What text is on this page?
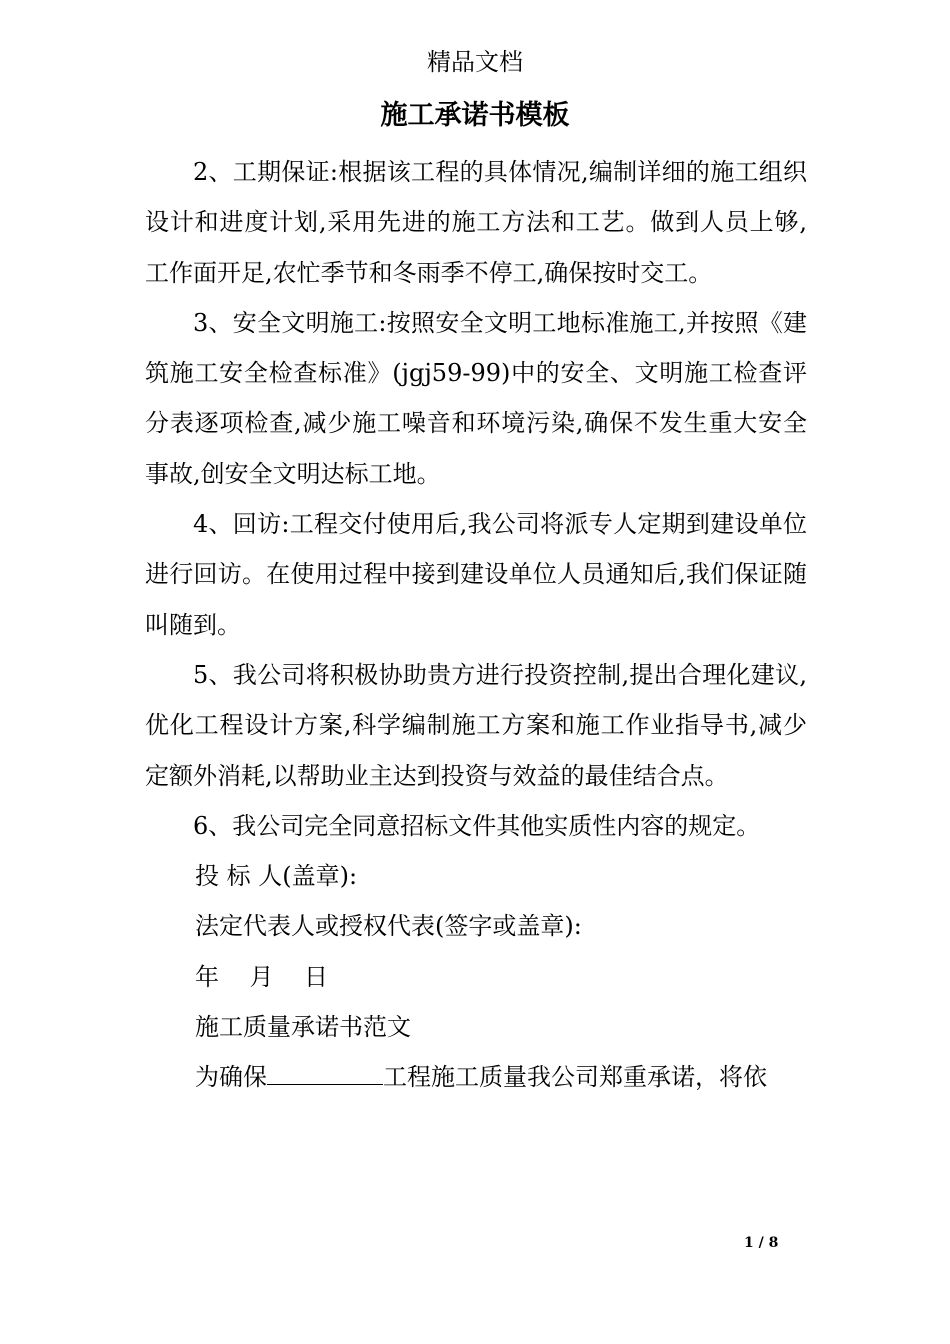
精品文档
施工承诺书模板

2、工期保证:根据该工程的具体情况,编制详细的施工组织设计和进度计划,采用先进的施工方法和工艺。做到人员上够,工作面开足,农忙季节和冬雨季不停工,确保按时交工。

3、安全文明施工:按照安全文明工地标准施工,并按照《建筑施工安全检查标准》(jgj59-99)中的安全、文明施工检查评分表逐项检查,减少施工噪音和环境污染,确保不发生重大安全事故,创安全文明达标工地。

4、回访:工程交付使用后,我公司将派专人定期到建设单位进行回访。在使用过程中接到建设单位人员通知后,我们保证随叫随到。

5、我公司将积极协助贵方进行投资控制,提出合理化建议,优化工程设计方案,科学编制施工方案和施工作业指导书,减少定额外消耗,以帮助业主达到投资与效益的最佳结合点。

6、我公司完全同意招标文件其他实质性内容的规定。

投 标 人(盖章):

法定代表人或授权代表(签字或盖章):

年    月    日

施工质量承诺书范文

为确保	工程施工质量我公司郑重承诺，将依

1 / 8
